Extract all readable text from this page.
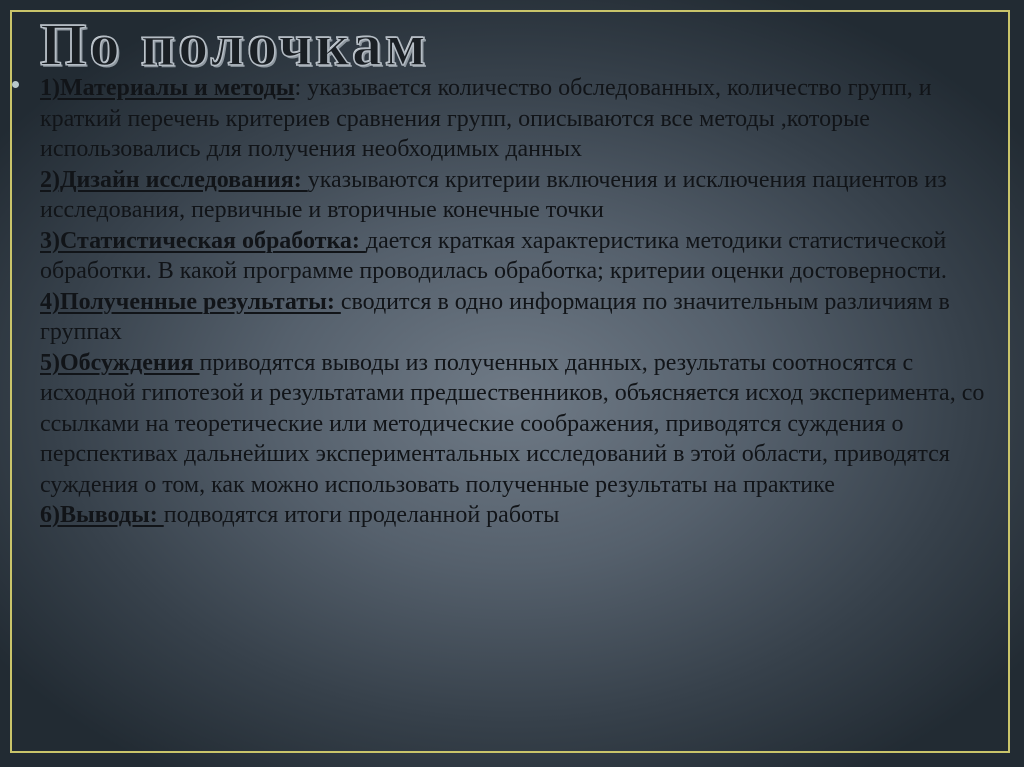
По полочкам
1)Материалы и методы: указывается количество обследованных, количество групп, и краткий перечень критериев сравнения групп, описываются все методы ,которые использовались для получения необходимых данных
2)Дизайн исследования: указываются критерии включения и исключения пациентов из исследования, первичные и вторичные конечные точки
3)Статистическая обработка: дается краткая характеристика методики статистической обработки. В какой программе проводилась обработка; критерии оценки достоверности.
4)Полученные результаты: сводится в одно информация по значительным различиям в группах
5)Обсуждения приводятся выводы из полученных данных, результаты соотносятся с исходной гипотезой и результатами предшественников, объясняется исход эксперимента, со ссылками на теоретические или методические соображения, приводятся суждения о перспективах дальнейших экспериментальных исследований в этой области, приводятся суждения о том, как можно использовать полученные результаты на практике
6)Выводы: подводятся итоги проделанной работы
